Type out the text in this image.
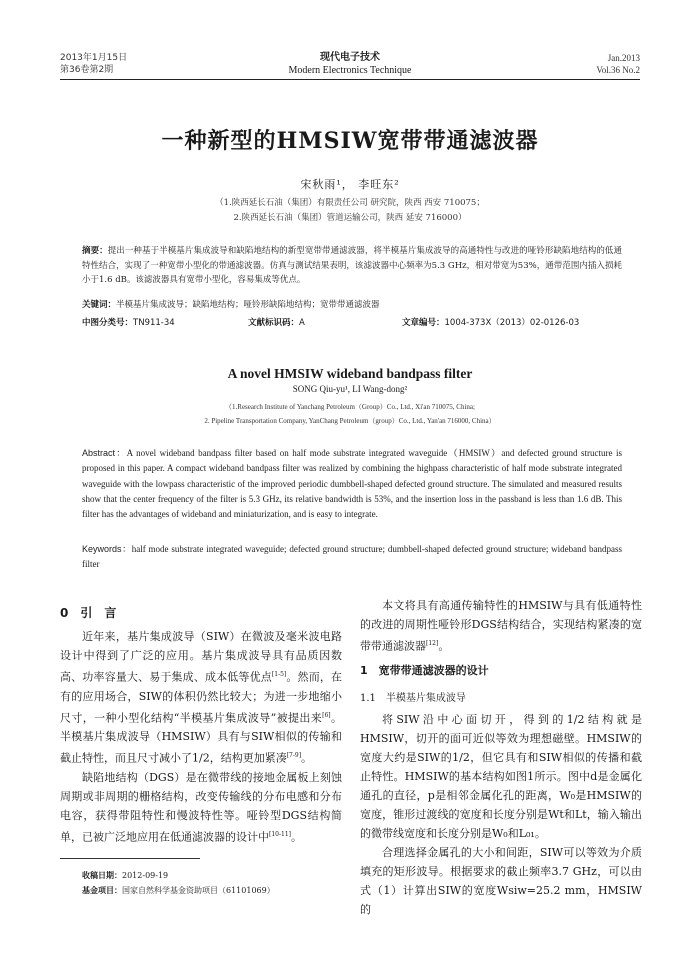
2013年1月15日
第36卷第2期
现代电子技术
Modern Electronics Technique
Jan.2013
Vol.36 No.2
一种新型的HMSIW宽带带通滤波器
宋秋雨¹， 李旺东²
（1.陕西延长石油（集团）有限责任公司 研究院，陕西 西安 710075；
2.陕西延长石油（集团）管道运输公司，陕西 延安 716000）
摘要：提出一种基于半模基片集成波导和缺陷地结构的新型宽带带通滤波器，将半模基片集成波导的高通特性与改进的哑铃形缺陷地结构的低通特性结合，实现了一种宽带小型化的带通滤波器。仿真与测试结果表明，该滤波器中心频率为5.3 GHz，相对带宽为53%，通带范围内插入损耗小于1.6 dB。该滤波器具有宽带小型化，容易集成等优点。
关键词：半模基片集成波导；缺陷地结构；哑铃形缺陷地结构；宽带带通滤波器
中图分类号：TN911-34	文献标识码：A	文章编号：1004-373X（2013）02-0126-03
A novel HMSIW wideband bandpass filter
SONG Qiu-yu¹, LI Wang-dong²
（1.Research Institute of Yanchang Petroleum（Group）Co., Ltd., Xi'an 710075, China;
2. Pipeline Transportation Company, YanChang Petroleum（group）Co., Ltd., Yan'an 716000, China）
Abstract：A novel wideband bandpass filter based on half mode substrate integrated waveguide（HMSIW）and defected ground structure is proposed in this paper. A compact wideband bandpass filter was realized by combining the highpass characteristic of half mode substrate integrated waveguide with the lowpass characteristic of the improved periodic dumbbell-shaped defected ground structure. The simulated and measured results show that the center frequency of the filter is 5.3 GHz, its relative bandwidth is 53%, and the insertion loss in the passband is less than 1.6 dB. This filter has the advantages of wideband and miniaturization, and is easy to integrate.
Keywords：half mode substrate integrated waveguide; defected ground structure; dumbbell-shaped defected ground structure; wideband bandpass filter
0　引　言

近年来，基片集成波导（SIW）在微波及毫米波电路设计中得到了广泛的应用。基片集成波导具有品质因数高、功率容量大、易于集成、成本低等优点[1-5]。然而，在有的应用场合，SIW的体积仍然比较大；为进一步地缩小尺寸，一种小型化结构“半模基片集成波导”被提出来[6]。半模基片集成波导（HMSIW）具有与SIW相似的传输和截止特性，而且尺寸减小了1/2，结构更加紧凑[7-9]。

缺陷地结构（DGS）是在微带线的接地金属板上刻蚀周期或非周期的栅格结构，改变传输线的分布电感和分布电容，获得带阻特性和慢波特性等。哑铃型DGS结构简单，已被广泛地应用在低通滤波器的设计中[10-11]。

收稿日期：2012-09-19
基金项目：国家自然科学基金资助项目（61101069）

本文将具有高通传输特性的HMSIW与具有低通特性的改进的周期性哑铃形DGS结构结合，实现结构紧凑的宽带带通滤波器[12]。

1　宽带带通滤波器的设计
1.1　半模基片集成波导

将SIW沿中心面切开，得到的1/2结构就是HMSIW，切开的面可近似等效为理想磁壁。HMSIW的宽度大约是SIW的1/2，但它具有和SIW相似的传播和截止特性。HMSIW的基本结构如图1所示。图中d是金属化通孔的直径，p是相邻金属化孔的距离，W₀是HMSIW的宽度，锥形过渡线的宽度和长度分别是Wt和Lt，输入输出的微带线宽度和长度分别是W₀和L₀₁。

合理选择金属孔的大小和间距，SIW可以等效为介质填充的矩形波导。根据要求的截止频率3.7 GHz，可以由式（1）计算出SIW的宽度Wsiw=25.2 mm，HMSIW的
